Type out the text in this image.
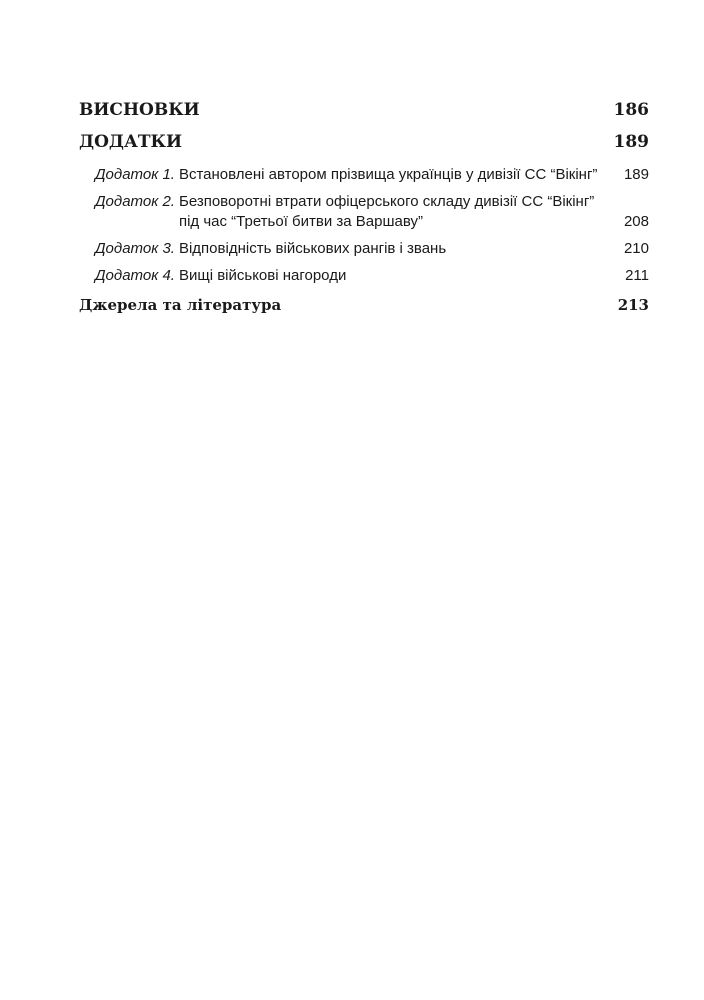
ВИСНОВКИ	186
ДОДАТКИ	189
Додаток 1. Встановлені автором прізвища українців у дивізії СС “Вікінг”	189
Додаток 2. Безповоротні втрати офіцерського складу дивізії СС “Вікінг” під час “Третьої битви за Варшаву”	208
Додаток 3. Відповідність військових рангів і звань	210
Додаток 4. Вищі військові нагороди	211
Джерела та література	213
